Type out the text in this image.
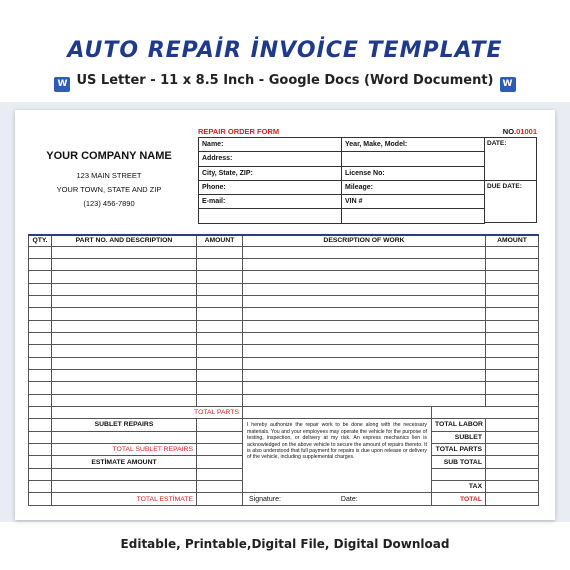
AUTO REPAİR İNVOİCE TEMPLATE
W US Letter - 11 x 8.5 Inch - Google Docs (Word Document) W
YOUR COMPANY NAME
123 MAIN STREET
YOUR TOWN, STATE AND ZIP
(123) 456-7890
REPAIR ORDER FORM	NO.01001
Name:	Year, Make, Model:
Address:	
City, State, ZIP:	License No:
Phone:	Mileage:
E-mail:	VIN #

DATE:
DUE DATE:
QTY.	PART NO. AND DESCRIPTION	AMOUNT	DESCRIPTION OF WORK		AMOUNT

	TOTAL PARTS				
	SUBLET REPAIRS		I hereby authonize the repair work to be done along with the necessary materials. You and your employees may operate the vehicle for the purpose of testing, inspection, or delivery at my risk. An express mechanics lien is acknowledged on the above vehicle to secure the amount of repairs thereto. It is also understood that full payment for repairs is due upon release or delivery of the vehicle, including supplemental charges.	TOTAL LABOR	
				SUBLET	
	TOTAL SUBLET REPAIRS			TOTAL PARTS	
	ESTİMATE AMOUNT			SUB TOTAL	

				TAX	
	TOTAL ESTİMATE		Signature: Date:	TOTAL	
Editable, Printable,Digital File, Digital Download
